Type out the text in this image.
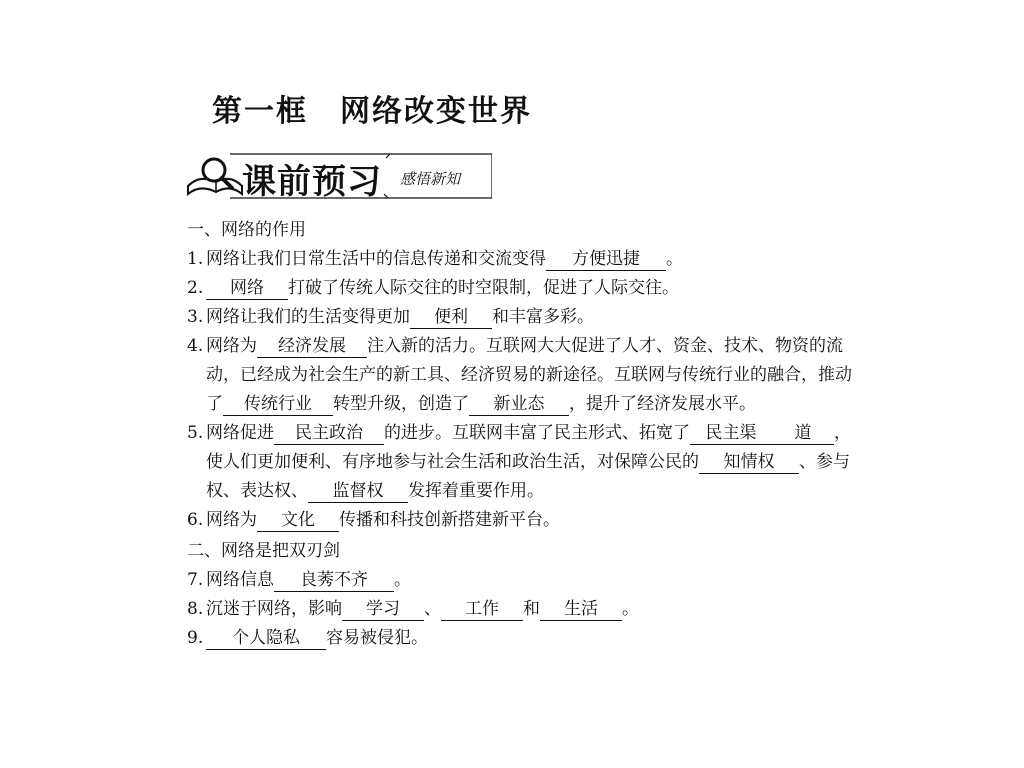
第一框 网络改变世界
课前预习 感悟新知
一、网络的作用
1. 网络让我们日常生活中的信息传递和交流变得 方便迅捷 。
2.	网络 打破了传统人际交往的时空限制，促进了人际交往。
3. 网络让我们的生活变得更加 便利 和丰富多彩。
4. 网络为 经济发展 注入新的活力。互联网大大促进了人才、资金、技术、物资的流动，已经成为社会生产的新工具、经济贸易的新途径。互联网与传统行业的融合，推动了 传统行业 转型升级，创造了 新业态 ，提升了经济发展水平。
5. 网络促进 民主政治 的进步。互联网丰富了民主形式、拓宽了 民主渠 道 ，使人们更加便利、有序地参与社会生活和政治生活，对保障公民的 知情权 、参与权、表达权、 监督权 发挥着重要作用。
6. 网络为 文化 传播和科技创新搭建新平台。
二、网络是把双刃剑
7. 网络信息 良莠不齐 。
8. 沉迷于网络，影响 学习 、 工作 和 生活 。
9.	个人隐私 容易被侵犯。
